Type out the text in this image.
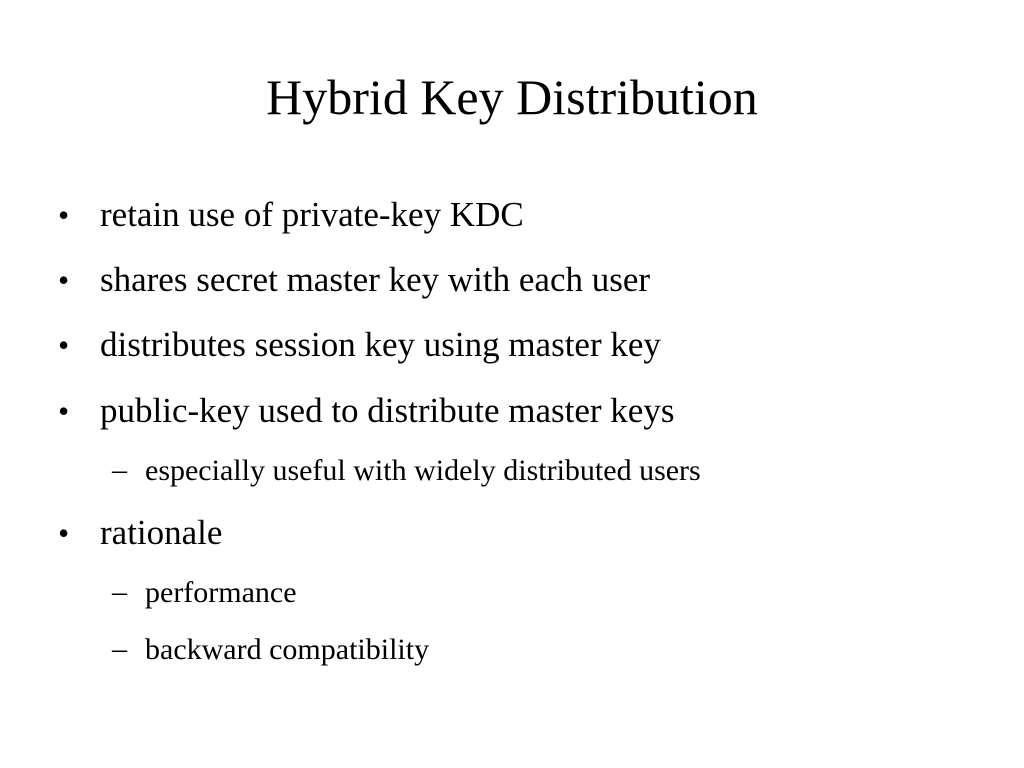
Hybrid Key Distribution
• retain use of private-key KDC
• shares secret master key with each user
• distributes session key using master key
• public-key used to distribute master keys
– especially useful with widely distributed users
• rationale
– performance
– backward compatibility
